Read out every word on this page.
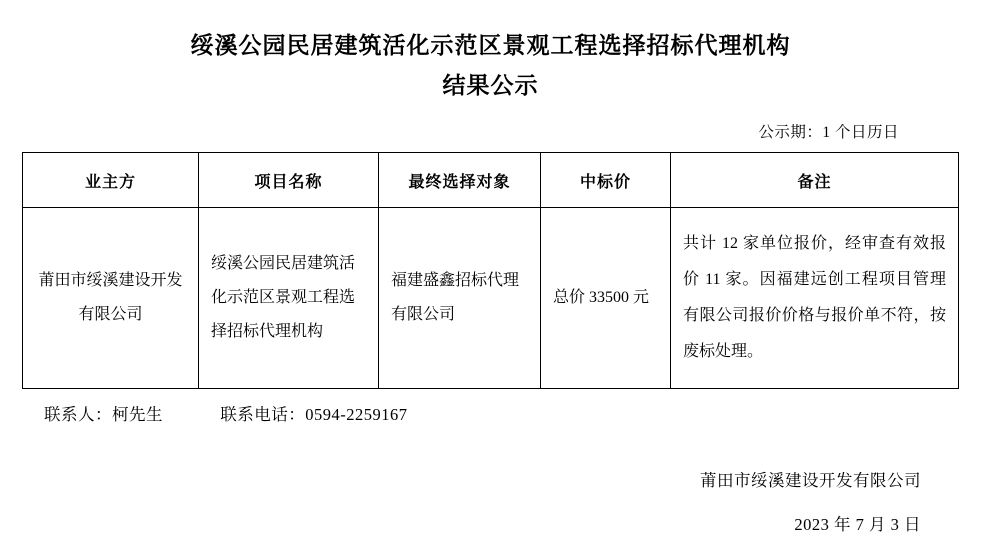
绥溪公园民居建筑活化示范区景观工程选择招标代理机构
结果公示
公示期：1 个日历日
业主方	项目名称	最终选择对象	中标价	备注
莆田市绥溪建设开发有限公司	绥溪公园民居建筑活化示范区景观工程选择招标代理机构	福建盛鑫招标代理有限公司	总价 33500 元	共计 12 家单位报价，经审查有效报价 11 家。因福建远创工程项目管理有限公司报价价格与报价单不符，按废标处理。
联系人：柯先生	联系电话：0594-2259167
莆田市绥溪建设开发有限公司
2023 年 7 月 3 日
